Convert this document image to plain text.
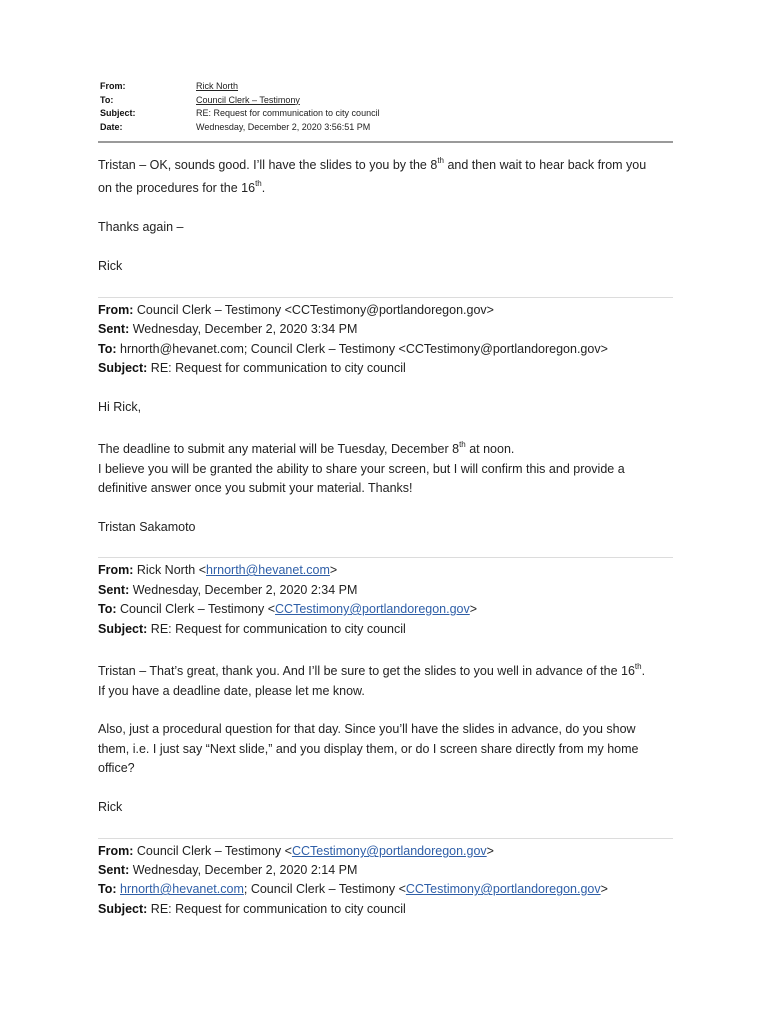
From:	Rick North
To:	Council Clerk – Testimony
Subject:	RE: Request for communication to city council
Date:	Wednesday, December 2, 2020 3:56:51 PM
Tristan – OK, sounds good. I’ll have the slides to you by the 8th and then wait to hear back from you
on the procedures for the 16th.
Thanks again –
Rick
From: Council Clerk – Testimony <CCTestimony@portlandoregon.gov>
Sent: Wednesday, December 2, 2020 3:34 PM
To: hrnorth@hevanet.com; Council Clerk – Testimony <CCTestimony@portlandoregon.gov>
Subject: RE: Request for communication to city council
Hi Rick,
The deadline to submit any material will be Tuesday, December 8th at noon.
I believe you will be granted the ability to share your screen, but I will confirm this and provide a
definitive answer once you submit your material. Thanks!
Tristan Sakamoto
From: Rick North <hrnorth@hevanet.com>
Sent: Wednesday, December 2, 2020 2:34 PM
To: Council Clerk – Testimony <CCTestimony@portlandoregon.gov>
Subject: RE: Request for communication to city council
Tristan – That’s great, thank you. And I’ll be sure to get the slides to you well in advance of the 16th.
If you have a deadline date, please let me know.
Also, just a procedural question for that day. Since you’ll have the slides in advance, do you show
them, i.e. I just say “Next slide,” and you display them, or do I screen share directly from my home
office?
Rick
From: Council Clerk – Testimony <CCTestimony@portlandoregon.gov>
Sent: Wednesday, December 2, 2020 2:14 PM
To: hrnorth@hevanet.com; Council Clerk – Testimony <CCTestimony@portlandoregon.gov>
Subject: RE: Request for communication to city council
